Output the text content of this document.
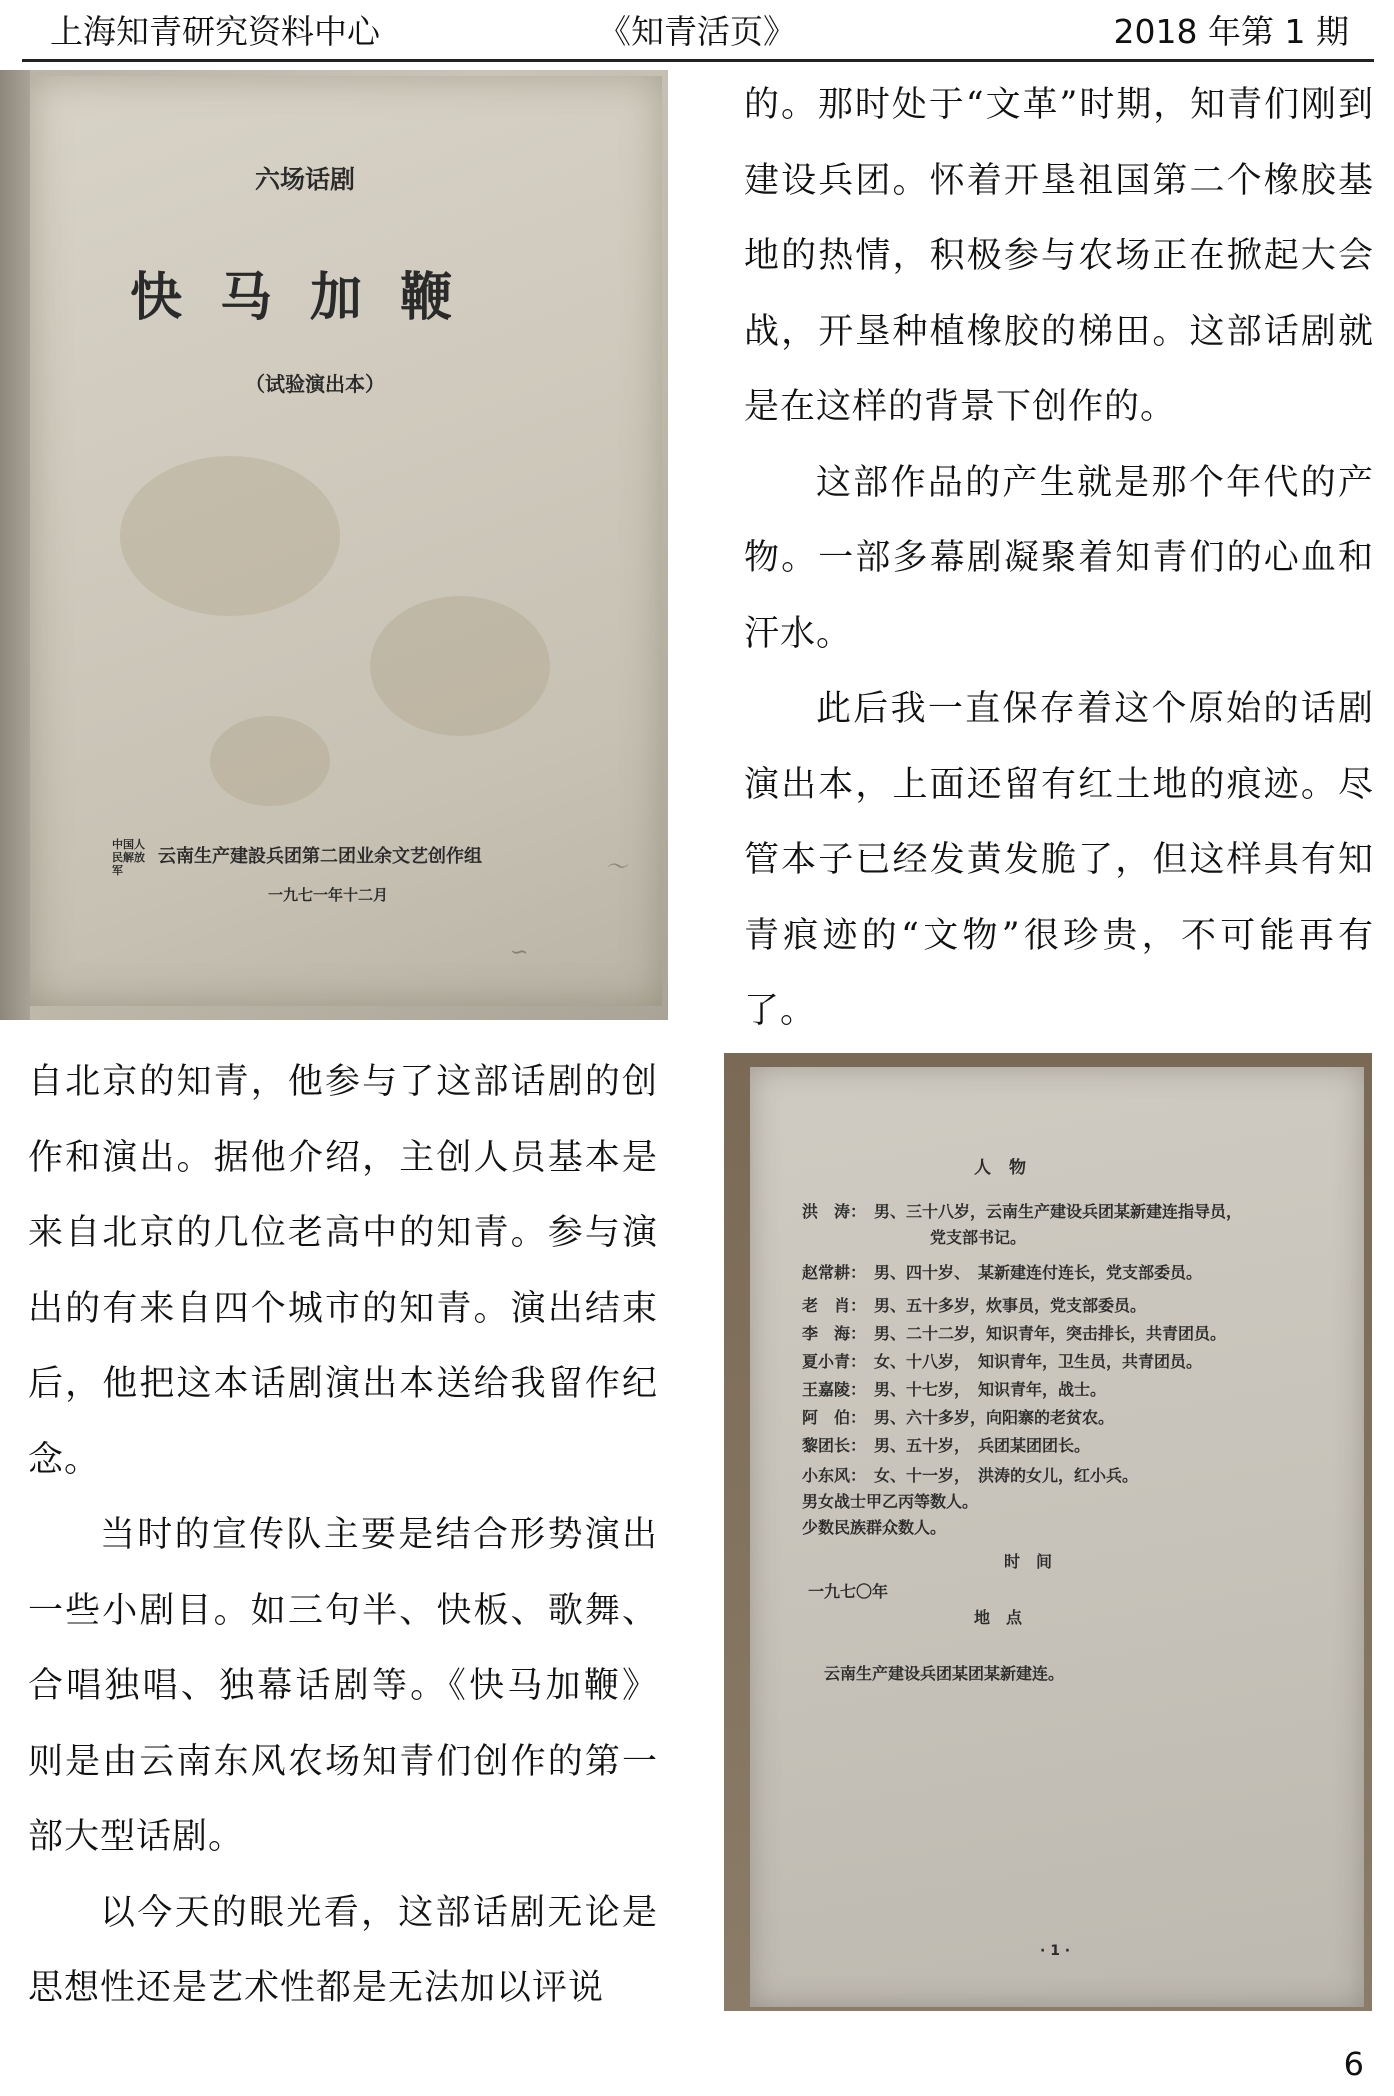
上海知青研究资料中心	《知青活页》	2018 年第 1 期
六场话剧
快马加鞭
（试验演出本）
中国人民解放军
云南生产建設兵团第二团业余文艺创作组
一九七一年十二月
〜
∽

的。那时处于“文革”时期，知青们刚到建设兵团。怀着开垦祖国第二个橡胶基地的热情，积极参与农场正在掀起大会战，开垦种植橡胶的梯田。这部话剧就是在这样的背景下创作的。

这部作品的产生就是那个年代的产物。一部多幕剧凝聚着知青们的心血和汗水。

此后我一直保存着这个原始的话剧演出本，上面还留有红土地的痕迹。尽管本子已经发黄发脆了，但这样具有知青痕迹的“文物”很珍贵，不可能再有了。

自北京的知青，他参与了这部话剧的创作和演出。据他介绍，主创人员基本是来自北京的几位老高中的知青。参与演出的有来自四个城市的知青。演出结束后，他把这本话剧演出本送给我留作纪念。

当时的宣传队主要是结合形势演出一些小剧目。如三句半、快板、歌舞、合唱独唱、独幕话剧等。《快马加鞭》则是由云南东风农场知青们创作的第一部大型话剧。

以今天的眼光看，这部话剧无论是思想性还是艺术性都是无法加以评说

人物
洪　涛：　男、三十八岁，云南生产建设兵团某新建连指导员，
　　　　　　　　党支部书记。
赵常耕：　男、四十岁、　某新建连付连长，党支部委员。
老　肖：　男、五十多岁，炊事员，党支部委员。
李　海：　男、二十二岁，知识青年，突击排长，共青团员。
夏小青：　女、十八岁，　知识青年，卫生员，共青团员。
王嘉陵：　男、十七岁，　知识青年，战士。
阿　伯：　男、六十多岁，向阳寨的老贫农。
黎团长：　男、五十岁，　兵团某团团长。
小东风：　女、十一岁，　洪涛的女儿，红小兵。
男女战士甲乙丙等数人。
少数民族群众数人。
时　间
一九七〇年
地　点
云南生产建设兵团某团某新建连。
· 1 ·
6
